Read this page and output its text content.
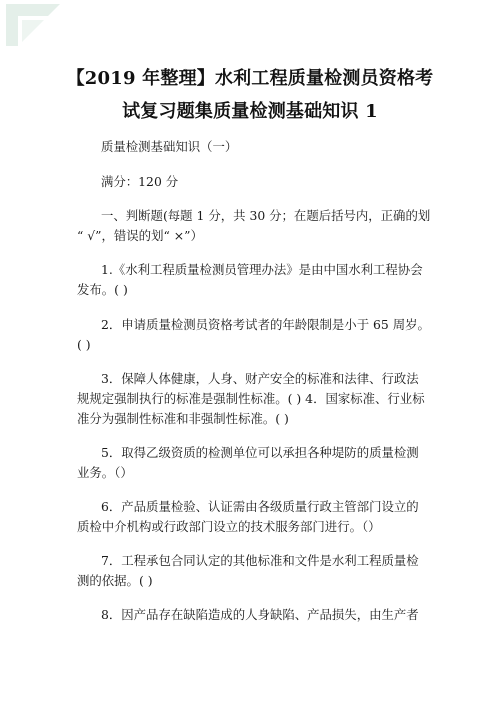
【2019 年整理】水利工程质量检测员资格考
试复习题集质量检测基础知识 1
质量检测基础知识（一）
满分：120 分
一、判断题(每题 1 分，共 30 分；在题后括号内，正确的划
“ √”，错误的划“ ×”）
1.《水利工程质量检测员管理办法》是由中国水利工程协会
发布。( )
2．申请质量检测员资格考试者的年龄限制是小于 65 周岁。
( )
3．保障人体健康，人身、财产安全的标准和法律、行政法
规规定强制执行的标准是强制性标准。( ) 4．国家标准、行业标
准分为强制性标准和非强制性标准。( )
5．取得乙级资质的检测单位可以承担各种堤防的质量检测
业务。（）
6．产品质量检验、认证需由各级质量行政主管部门设立的
质检中介机构或行政部门设立的技术服务部门进行。（）
7．工程承包合同认定的其他标准和文件是水利工程质量检
测的依据。( )
8．因产品存在缺陷造成的人身缺陷、产品损失，由生产者
